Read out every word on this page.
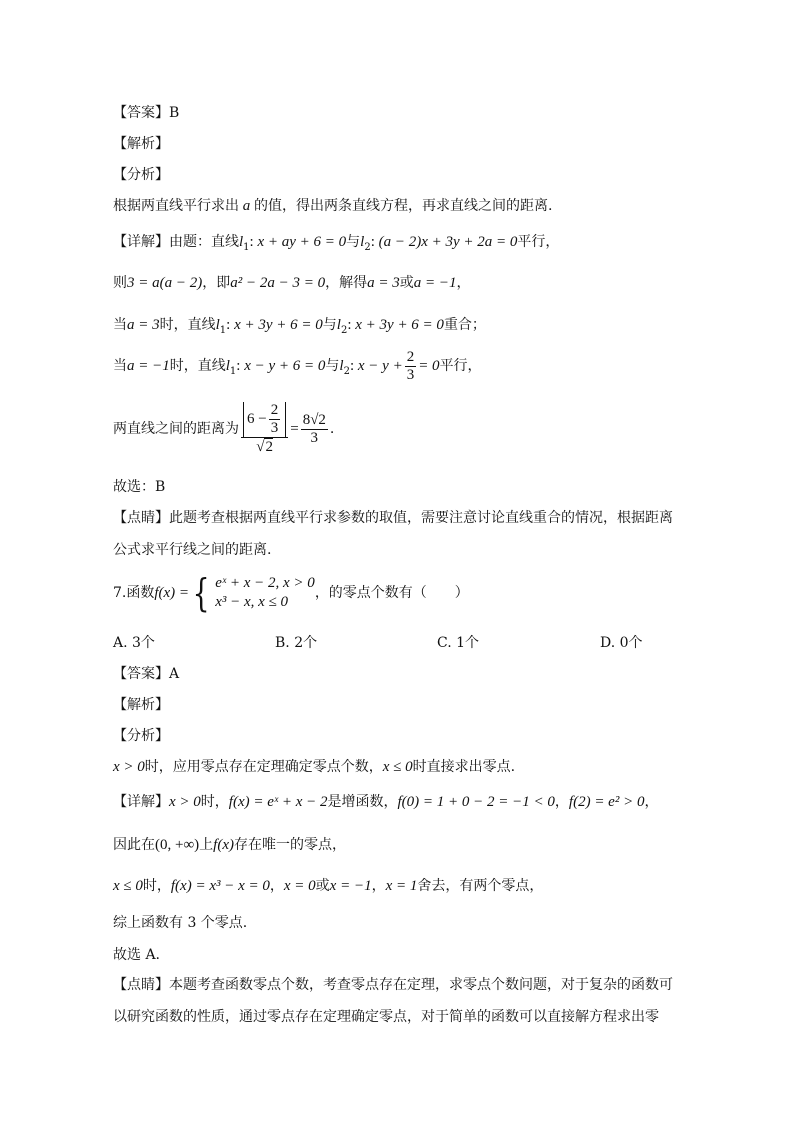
【答案】B
【解析】
【分析】
根据两直线平行求出 a 的值，得出两条直线方程，再求直线之间的距离.
【详解】由题：直线$l_1$: x + ay + 6 = 0与$l_2$: (a − 2)x + 3y + 2a = 0平行，
则3 = a(a − 2)，即a² − 2a − 3 = 0，解得a = 3或a = −1，
当a = 3时，直线$l_1$: x + 3y + 6 = 0与$l_2$: x + 3y + 6 = 0重合；
当a = −1时，直线$l_1$: x − y + 6 = 0与$l_2$: $x - y + \frac{2}{3} = 0$平行，
两直线之间的距离为 $\frac{6 - \frac{2}{3}}{√2} = \frac{8√2}{3}$ .
故选：B
【点睛】此题考查根据两直线平行求参数的取值，需要注意讨论直线重合的情况，根据距离
公式求平行线之间的距离.
7.函数f(x) ={ eˣ + x − 2, x > 0
x³ − x, x ≤ 0
，的零点个数有（　　）
A. 3个	B. 2个	C. 1个	D. 0个
【答案】A
【解析】
【分析】
x > 0时，应用零点存在定理确定零点个数，x ≤ 0时直接求出零点.
【详解】x > 0时，f(x) = eˣ + x − 2是增函数，f(0) = 1 + 0 − 2 = −1 < 0，f(2) = e² > 0，
因此在(0, +∞)上f(x)存在唯一的零点，
x ≤ 0时，f(x) = x³ − x = 0，x = 0或x = −1，x = 1舍去，有两个零点，
综上函数有 3 个零点.
故选 A.
【点睛】本题考查函数零点个数，考查零点存在定理，求零点个数问题，对于复杂的函数可
以研究函数的性质，通过零点存在定理确定零点，对于简单的函数可以直接解方程求出零
